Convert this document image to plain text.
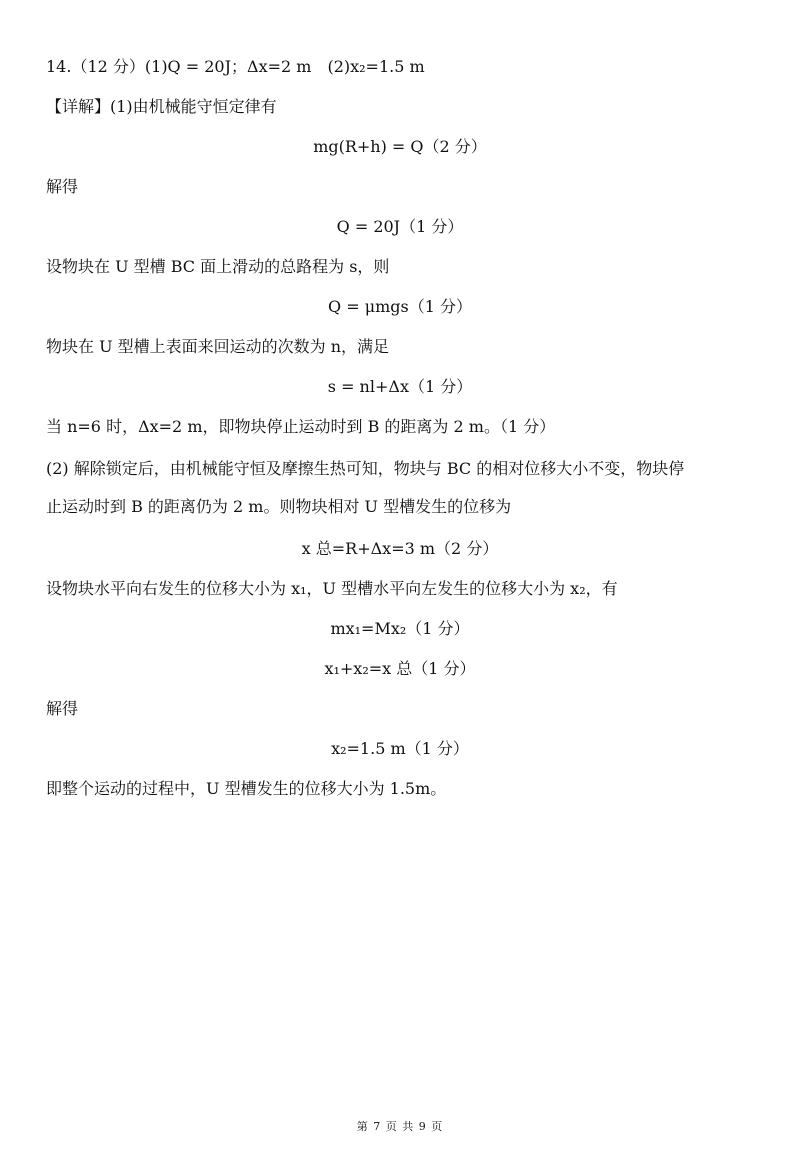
14.（12 分）(1)Q = 20J；Δx=2 m　(2)x₂=1.5 m
【详解】(1)由机械能守恒定律有
mg(R+h) = Q（2 分）
解得
Q = 20J（1 分）
设物块在 U 型槽 BC 面上滑动的总路程为 s，则
Q = μmgs（1 分）
物块在 U 型槽上表面来回运动的次数为 n，满足
s = nl+Δx（1 分）
当 n=6 时，Δx=2 m，即物块停止运动时到 B 的距离为 2 m。（1 分）
(2) 解除锁定后，由机械能守恒及摩擦生热可知，物块与 BC 的相对位移大小不变，物块停
止运动时到 B 的距离仍为 2 m。则物块相对 U 型槽发生的位移为
x 总=R+Δx=3 m（2 分）
设物块水平向右发生的位移大小为 x₁，U 型槽水平向左发生的位移大小为 x₂，有
mx₁=Mx₂（1 分）
x₁+x₂=x 总（1 分）
解得
x₂=1.5 m（1 分）
即整个运动的过程中，U 型槽发生的位移大小为 1.5m。
第 7 页 共 9 页
